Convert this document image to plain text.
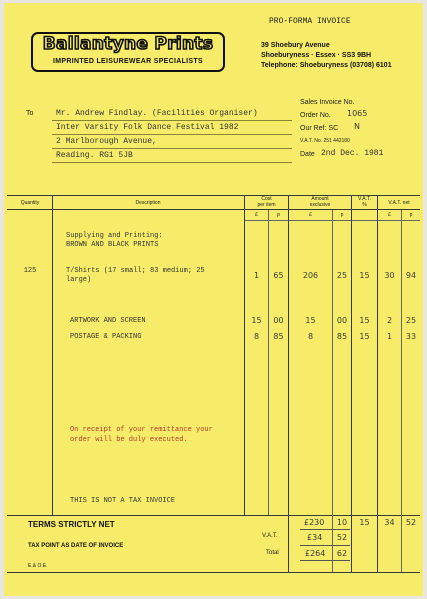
Ballantyne Prints
IMPRINTED LEISUREWEAR SPECIALISTS
PRO-FORMA INVOICE
39 Shoebury Avenue
Shoeburyness · Essex · SS3 9BH
Telephone: Shoeburyness (03708) 6101
Sales Invoice No.
Order No. 1065
Our Ref: SC N
V.A.T. No. 251 442180
Date 2nd Dec. 1981
To	Mr. Andrew Findlay. (Facilities Organiser)
Inter Varsity Folk Dance Festival 1982
2 Marlborough Avenue,
Reading. RG1 5JB
Quantity	Description
Cost
per item
Amount
exclusive
V.A.T.
%	V.A.T. net
£	p	£	p	£	p
Supplying and Printing:
BROWN AND BLACK PRINTS
125	T/Shirts (17 small; 83 medium; 25
large)	1	65	206	25	15	30	94
ARTWORK AND SCREEN	15	00	15	00	15	2	25
POSTAGE & PACKING	8	85	8	85	15	1	33
On receipt of your remittance your
order will be duly executed.
THIS IS NOT A TAX INVOICE
TERMS STRICTLY NET
TAX POINT AS DATE OF INVOICE
E.& O.E.
V.A.T.
Total
£230	10	15	34	52
£34	52
£264	62
